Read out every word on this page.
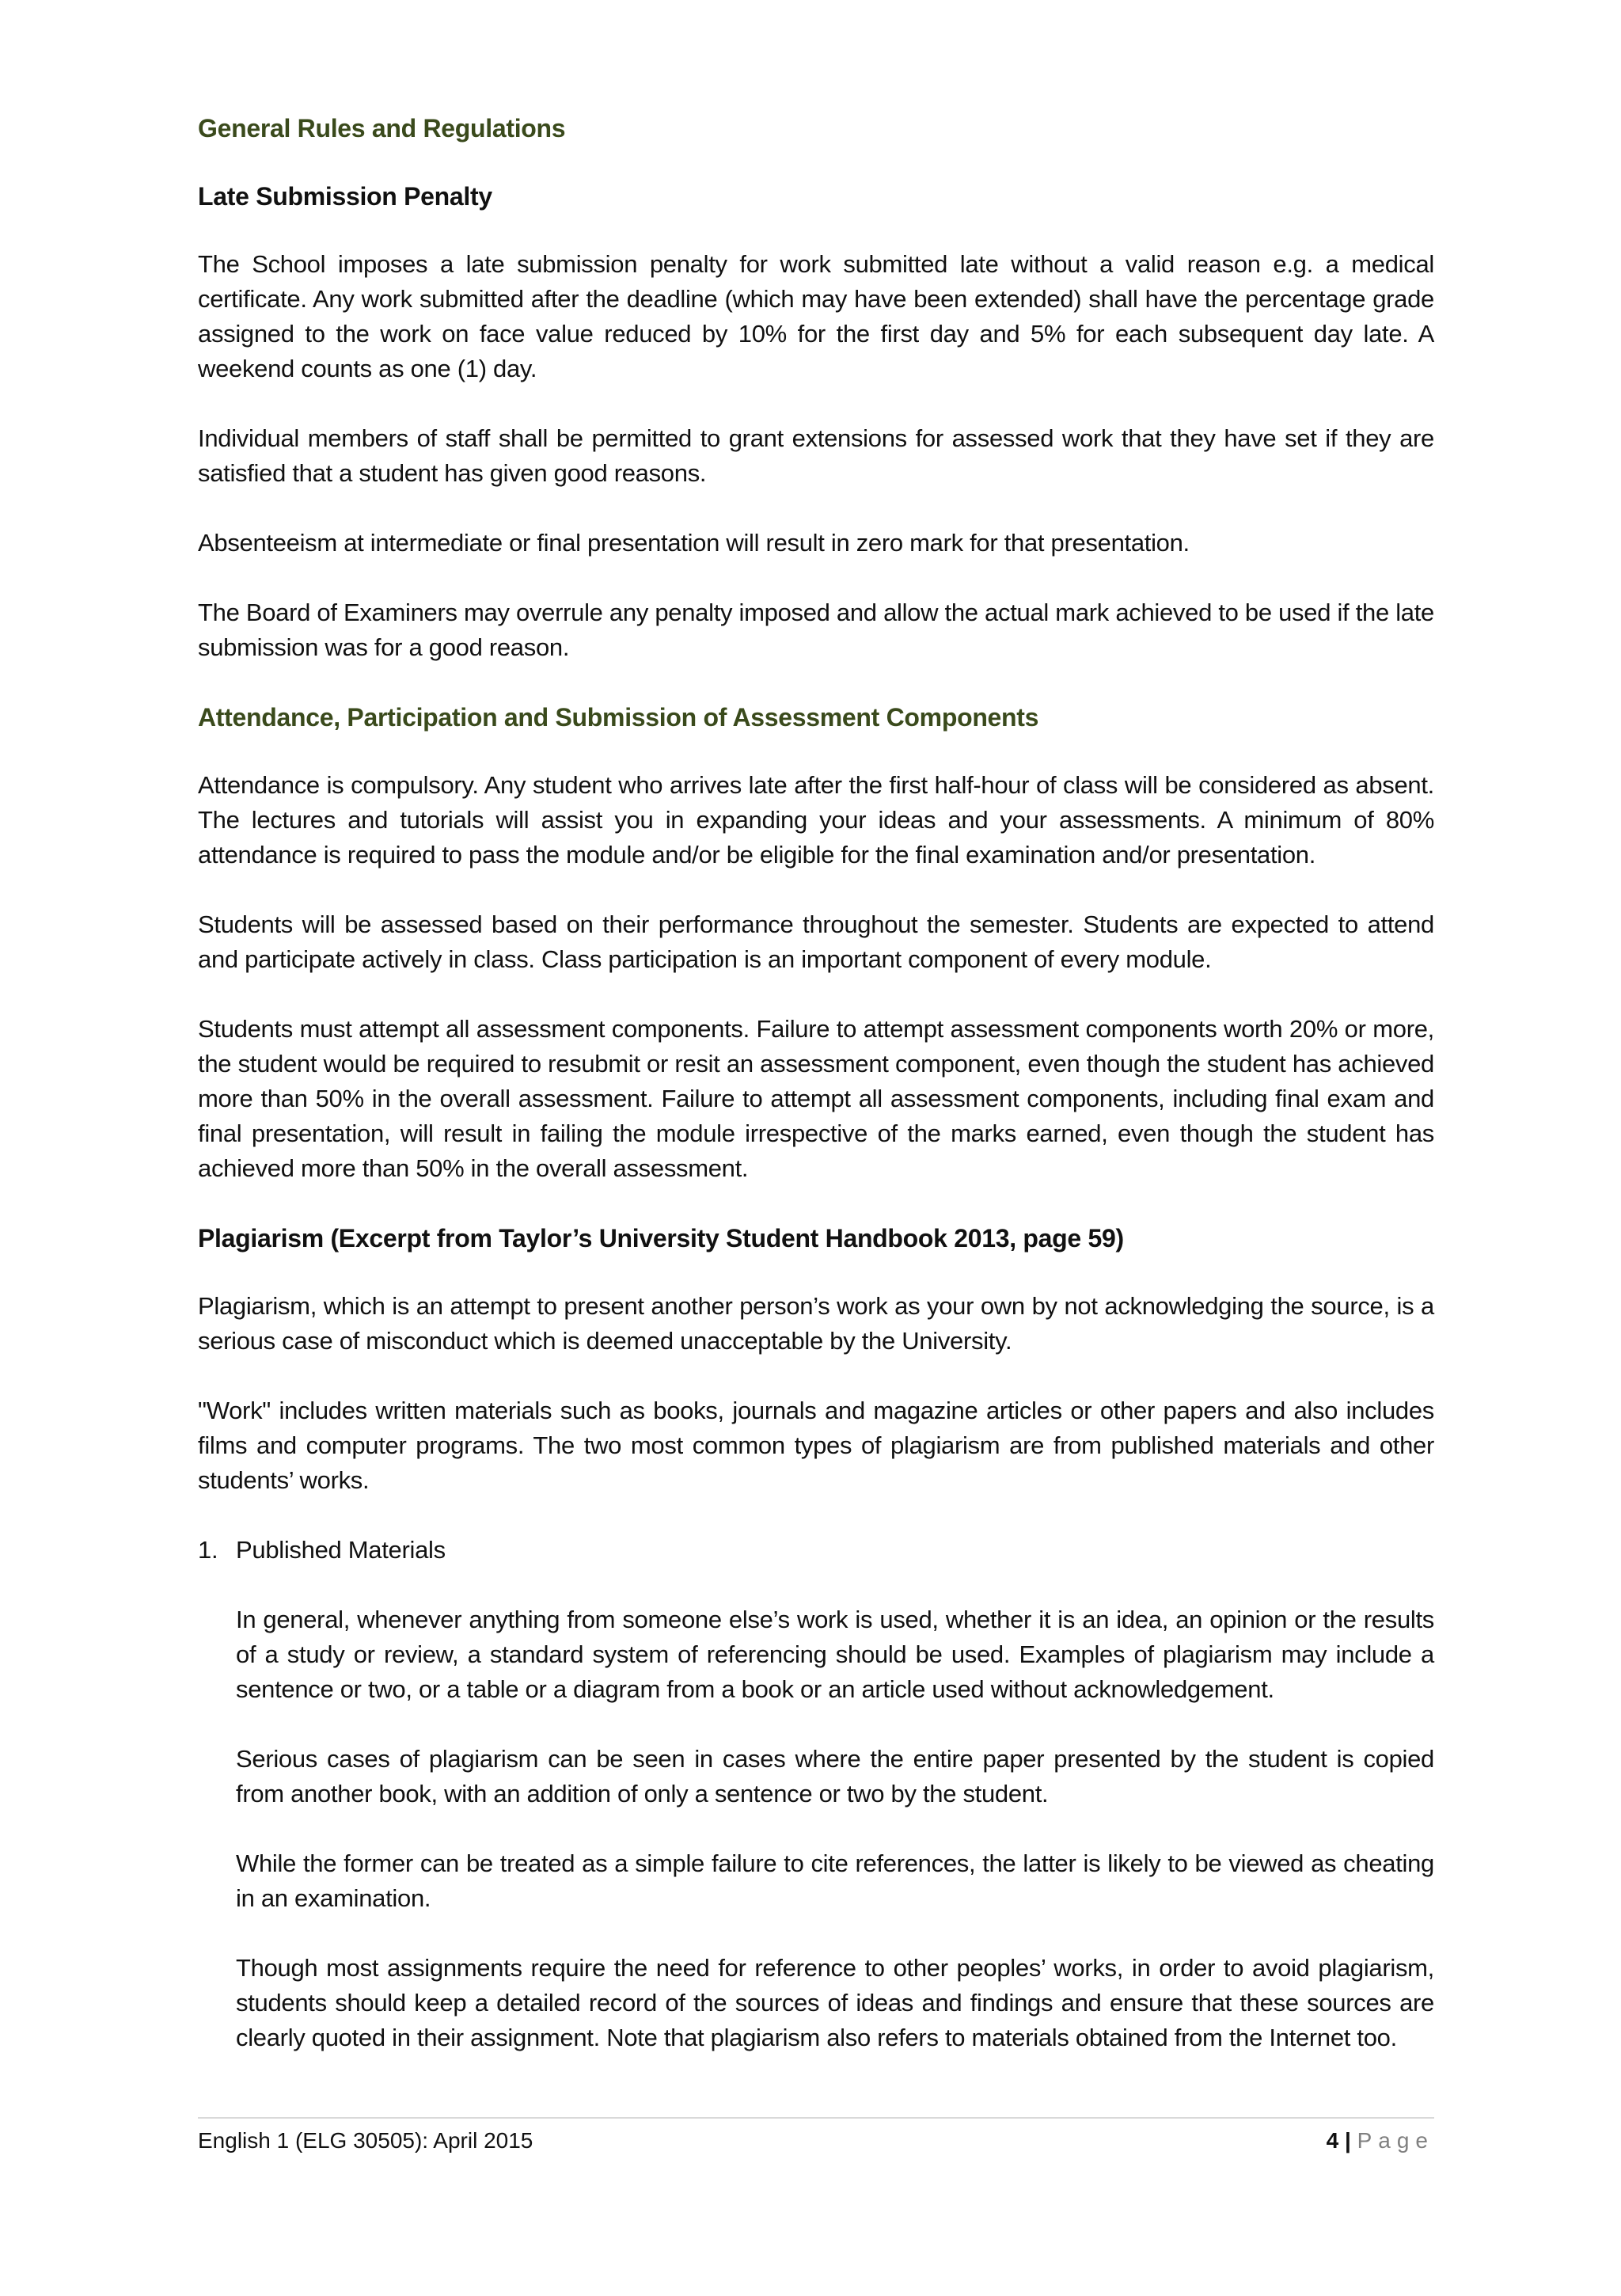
General Rules and Regulations
Late Submission Penalty

The School imposes a late submission penalty for work submitted late without a valid reason e.g. a medical certificate. Any work submitted after the deadline (which may have been extended) shall have the percentage grade assigned to the work on face value reduced by 10% for the first day and 5% for each subsequent day late. A weekend counts as one (1) day.

Individual members of staff shall be permitted to grant extensions for assessed work that they have set if they are satisfied that a student has given good reasons.

Absenteeism at intermediate or final presentation will result in zero mark for that presentation.

The Board of Examiners may overrule any penalty imposed and allow the actual mark achieved to be used if the late submission was for a good reason.

Attendance, Participation and Submission of Assessment Components

Attendance is compulsory. Any student who arrives late after the first half-hour of class will be considered as absent. The lectures and tutorials will assist you in expanding your ideas and your assessments. A minimum of 80% attendance is required to pass the module and/or be eligible for the final examination and/or presentation.

Students will be assessed based on their performance throughout the semester. Students are expected to attend and participate actively in class. Class participation is an important component of every module.

Students must attempt all assessment components. Failure to attempt assessment components worth 20% or more, the student would be required to resubmit or resit an assessment component, even though the student has achieved more than 50% in the overall assessment. Failure to attempt all assessment components, including final exam and final presentation, will result in failing the module irrespective of the marks earned, even though the student has achieved more than 50% in the overall assessment.

Plagiarism (Excerpt from Taylor’s University Student Handbook 2013, page 59)

Plagiarism, which is an attempt to present another person’s work as your own by not acknowledging the source, is a serious case of misconduct which is deemed unacceptable by the University.

"Work" includes written materials such as books, journals and magazine articles or other papers and also includes films and computer programs. The two most common types of plagiarism are from published materials and other students’ works.

1. Published Materials

In general, whenever anything from someone else’s work is used, whether it is an idea, an opinion or the results of a study or review, a standard system of referencing should be used. Examples of plagiarism may include a sentence or two, or a table or a diagram from a book or an article used without acknowledgement.

Serious cases of plagiarism can be seen in cases where the entire paper presented by the student is copied from another book, with an addition of only a sentence or two by the student.

While the former can be treated as a simple failure to cite references, the latter is likely to be viewed as cheating in an examination.

Though most assignments require the need for reference to other peoples’ works, in order to avoid plagiarism, students should keep a detailed record of the sources of ideas and findings and ensure that these sources are clearly quoted in their assignment. Note that plagiarism also refers to materials obtained from the Internet too.

English 1 (ELG 30505): April 2015	4 | Page
